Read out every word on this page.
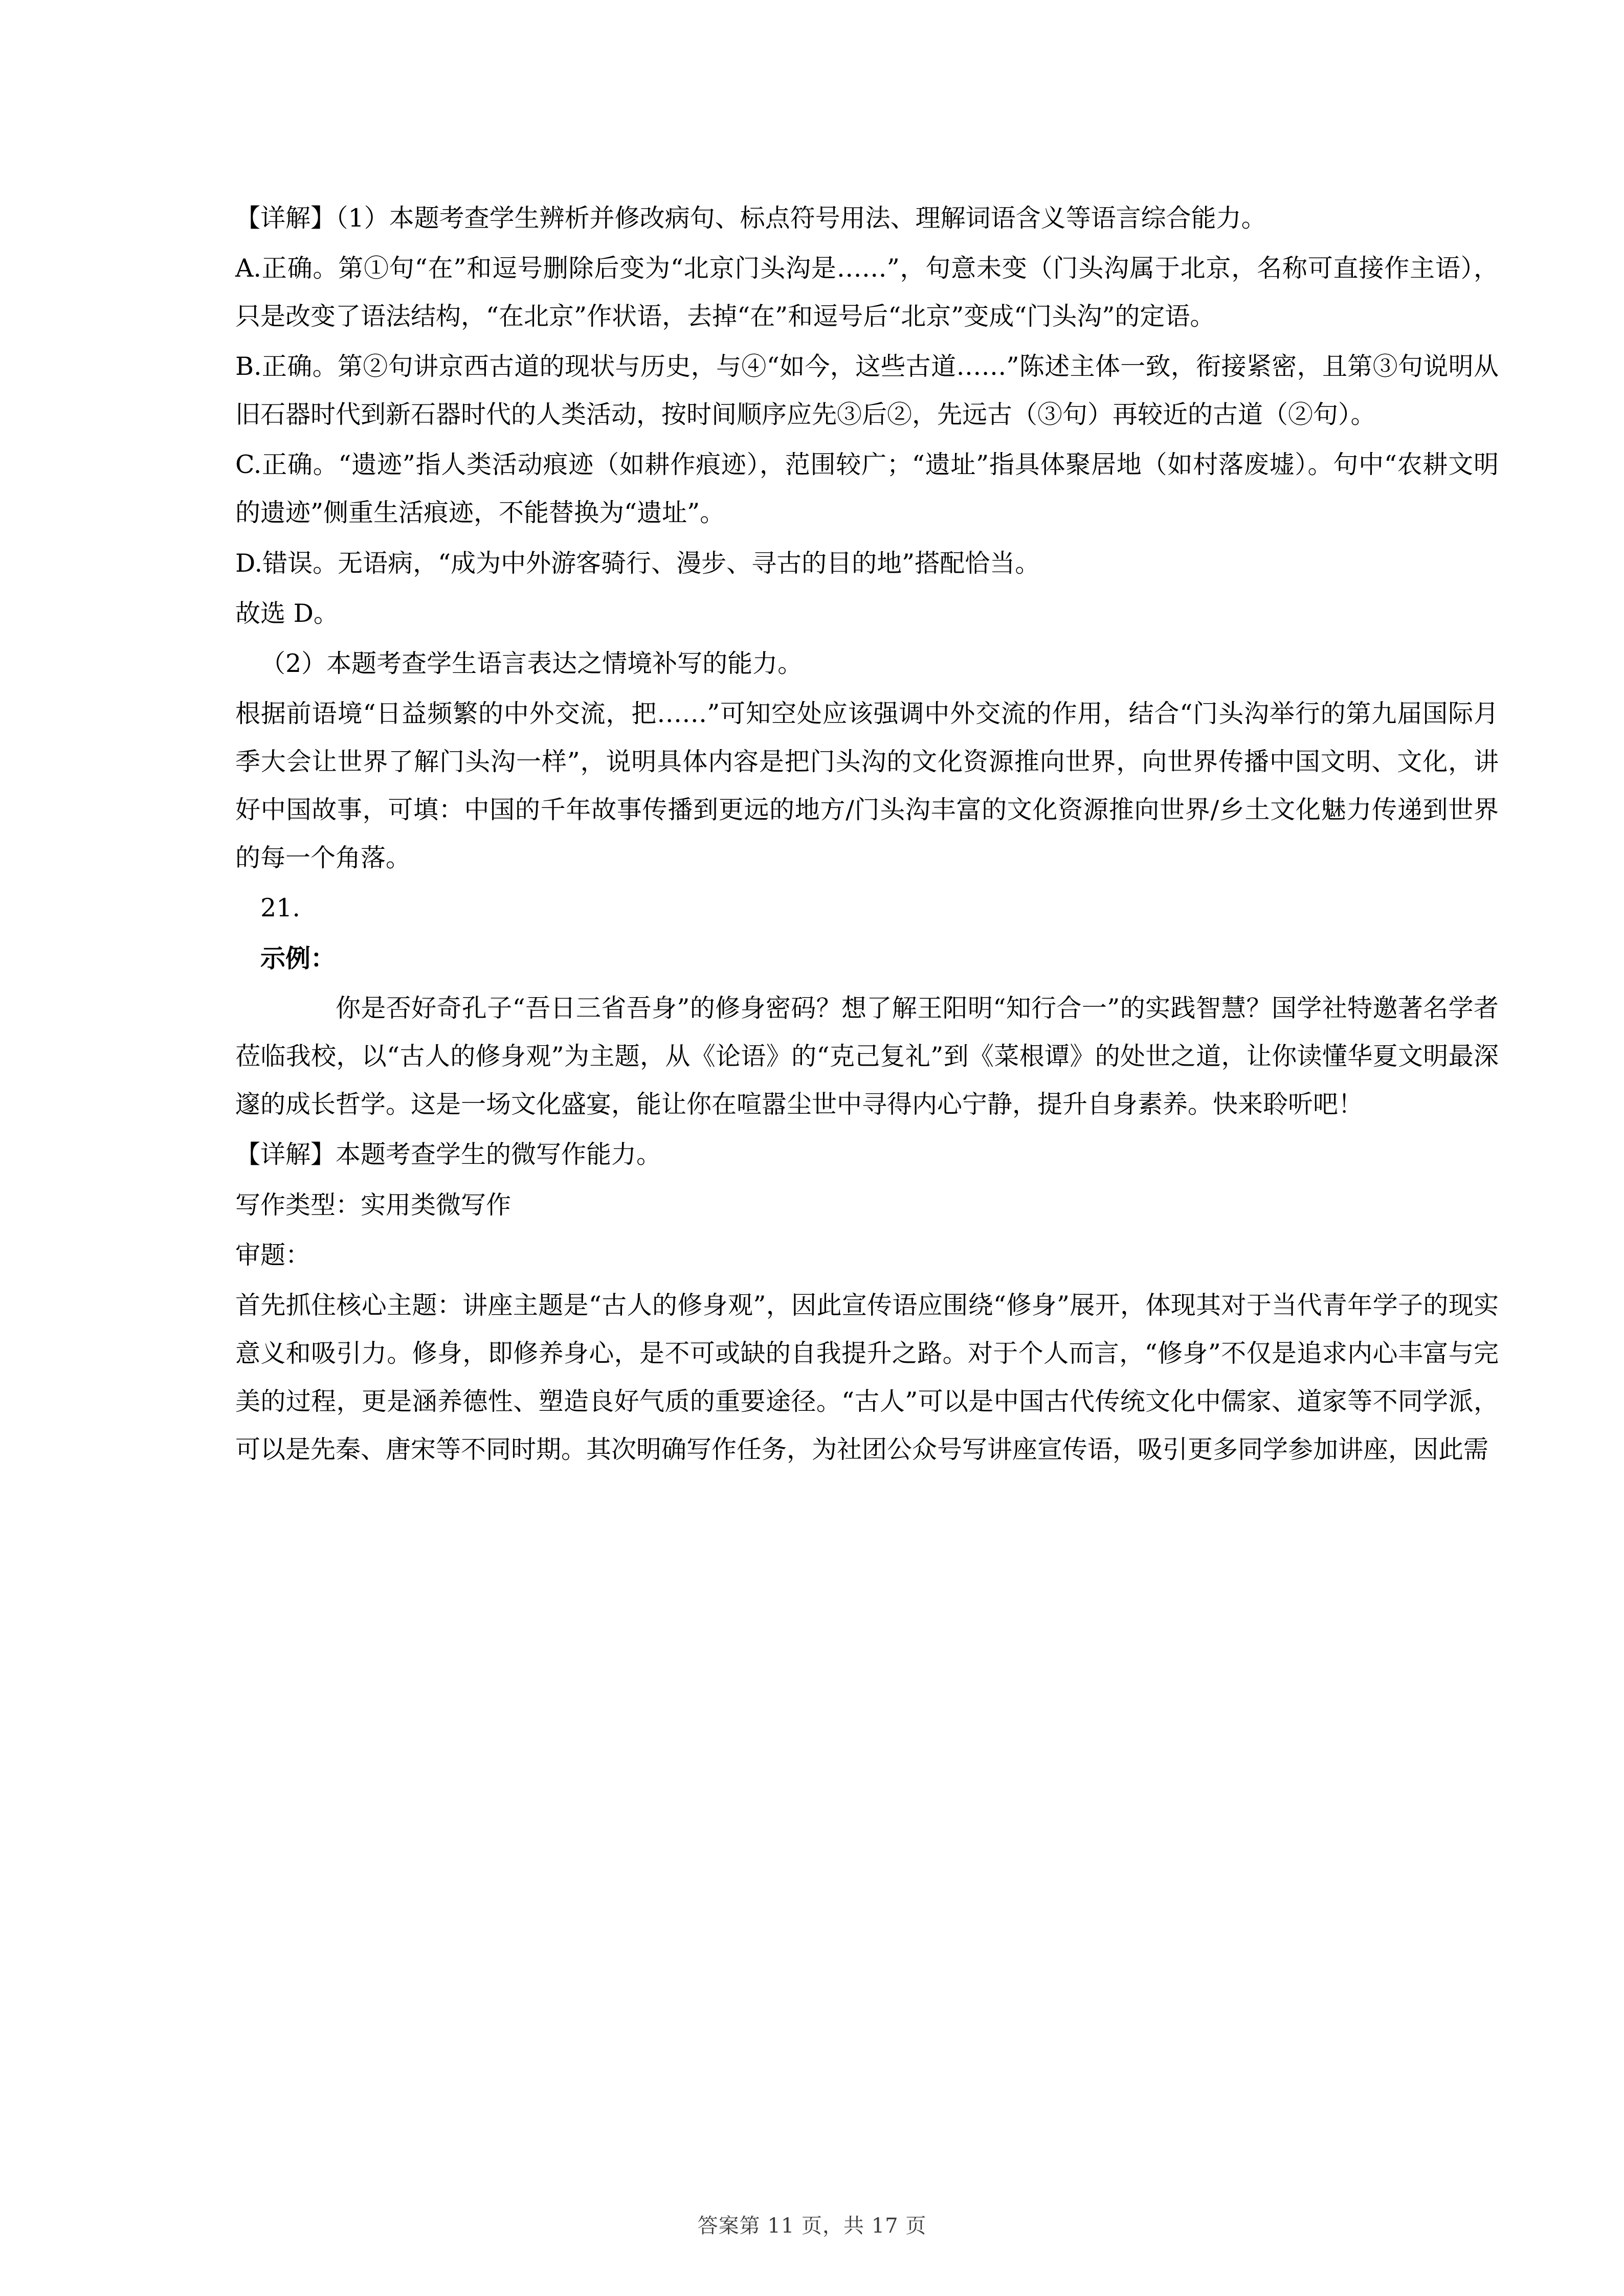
【详解】（1）本题考查学生辨析并修改病句、标点符号用法、理解词语含义等语言综合能力。

A.正确。第①句“在”和逗号删除后变为“北京门头沟是……”，句意未变（门头沟属于北京，名称可直接作主语），只是改变了语法结构，“在北京”作状语，去掉“在”和逗号后“北京”变成“门头沟”的定语。

B.正确。第②句讲京西古道的现状与历史，与④“如今，这些古道……”陈述主体一致，衔接紧密，且第③句说明从旧石器时代到新石器时代的人类活动，按时间顺序应先③后②，先远古（③句）再较近的古道（②句）。

C.正确。“遗迹”指人类活动痕迹（如耕作痕迹），范围较广；“遗址”指具体聚居地（如村落废墟）。句中“农耕文明的遗迹”侧重生活痕迹，不能替换为“遗址”。

D.错误。无语病，“成为中外游客骑行、漫步、寻古的目的地”搭配恰当。

故选 D。

（2）本题考查学生语言表达之情境补写的能力。

根据前语境“日益频繁的中外交流，把……”可知空处应该强调中外交流的作用，结合“门头沟举行的第九届国际月季大会让世界了解门头沟一样”，说明具体内容是把门头沟的文化资源推向世界，向世界传播中国文明、文化，讲好中国故事，可填：中国的千年故事传播到更远的地方/门头沟丰富的文化资源推向世界/乡土文化魅力传递到世界的每一个角落。

21.

示例：

你是否好奇孔子“吾日三省吾身”的修身密码？想了解王阳明“知行合一”的实践智慧？国学社特邀著名学者莅临我校，以“古人的修身观”为主题，从《论语》的“克己复礼”到《菜根谭》的处世之道，让你读懂华夏文明最深邃的成长哲学。这是一场文化盛宴，能让你在喧嚣尘世中寻得内心宁静，提升自身素养。快来聆听吧！

【详解】本题考查学生的微写作能力。

写作类型：实用类微写作

审题：

首先抓住核心主题：讲座主题是“古人的修身观”，因此宣传语应围绕“修身”展开，体现其对于当代青年学子的现实意义和吸引力。修身，即修养身心，是不可或缺的自我提升之路。对于个人而言，“修身”不仅是追求内心丰富与完美的过程，更是涵养德性、塑造良好气质的重要途径。“古人”可以是中国古代传统文化中儒家、道家等不同学派，可以是先秦、唐宋等不同时期。其次明确写作任务，为社团公众号写讲座宣传语，吸引更多同学参加讲座，因此需

答案第 11 页，共 17 页
